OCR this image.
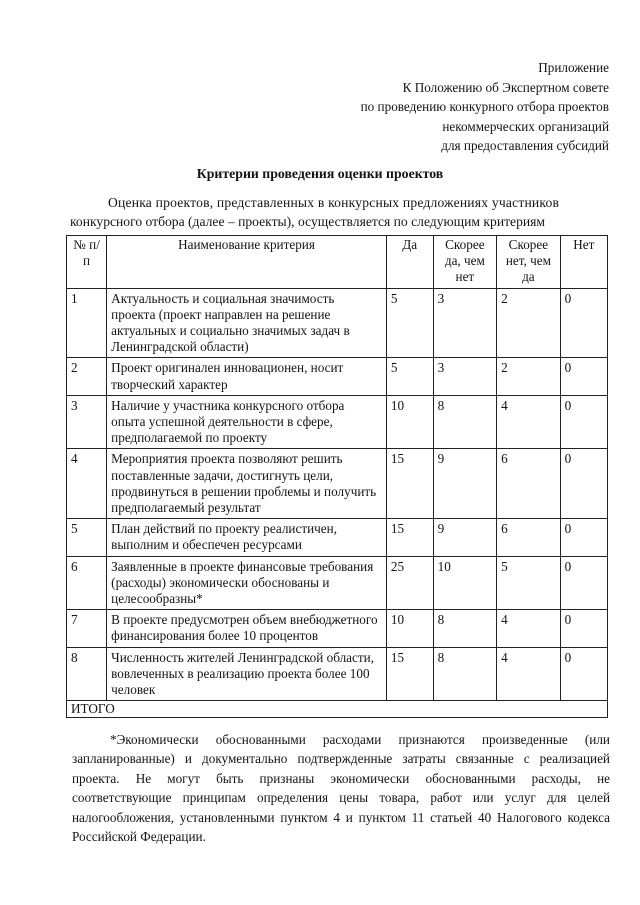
Приложение
К Положению об Экспертном совете
по проведению конкурного отбора проектов
некоммерческих организаций
для предоставления субсидий
Критерии проведения оценки проектов
Оценка проектов, представленных в конкурсных предложениях участников
конкурсного отбора (далее – проекты), осуществляется по следующим критериям
№ п/п	Наименование критерия	Да	Скорее да, чем нет	Скорее нет, чем да	Нет
1	Актуальность и социальная значимость проекта (проект направлен на решение актуальных и социально значимых задач в Ленинградской области)	5	3	2	0
2	Проект оригинален инновационен, носит творческий характер	5	3	2	0
3	Наличие у участника конкурсного отбора опыта успешной деятельности в сфере, предполагаемой по проекту	10	8	4	0
4	Мероприятия проекта позволяют решить поставленные задачи, достигнуть цели, продвинуться в решении проблемы и получить предполагаемый результат	15	9	6	0
5	План действий по проекту реалистичен, выполним и обеспечен ресурсами	15	9	6	0
6	Заявленные в проекте финансовые требования (расходы) экономически обоснованы и целесообразны*	25	10	5	0
7	В проекте предусмотрен объем внебюджетного финансирования более 10 процентов	10	8	4	0
8	Численность жителей Ленинградской области, вовлеченных в реализацию проекта более 100 человек	15	8	4	0
ИТОГО					
*Экономически обоснованными расходами признаются произведенные (или запланированные) и документально подтвержденные затраты связанные с реализацией проекта. Не могут быть признаны экономически обоснованными расходы, не соответствующие принципам определения цены товара, работ или услуг для целей налогообложения, установленными пунктом 4 и пунктом 11 статьей 40 Налогового кодекса Российской Федерации.
